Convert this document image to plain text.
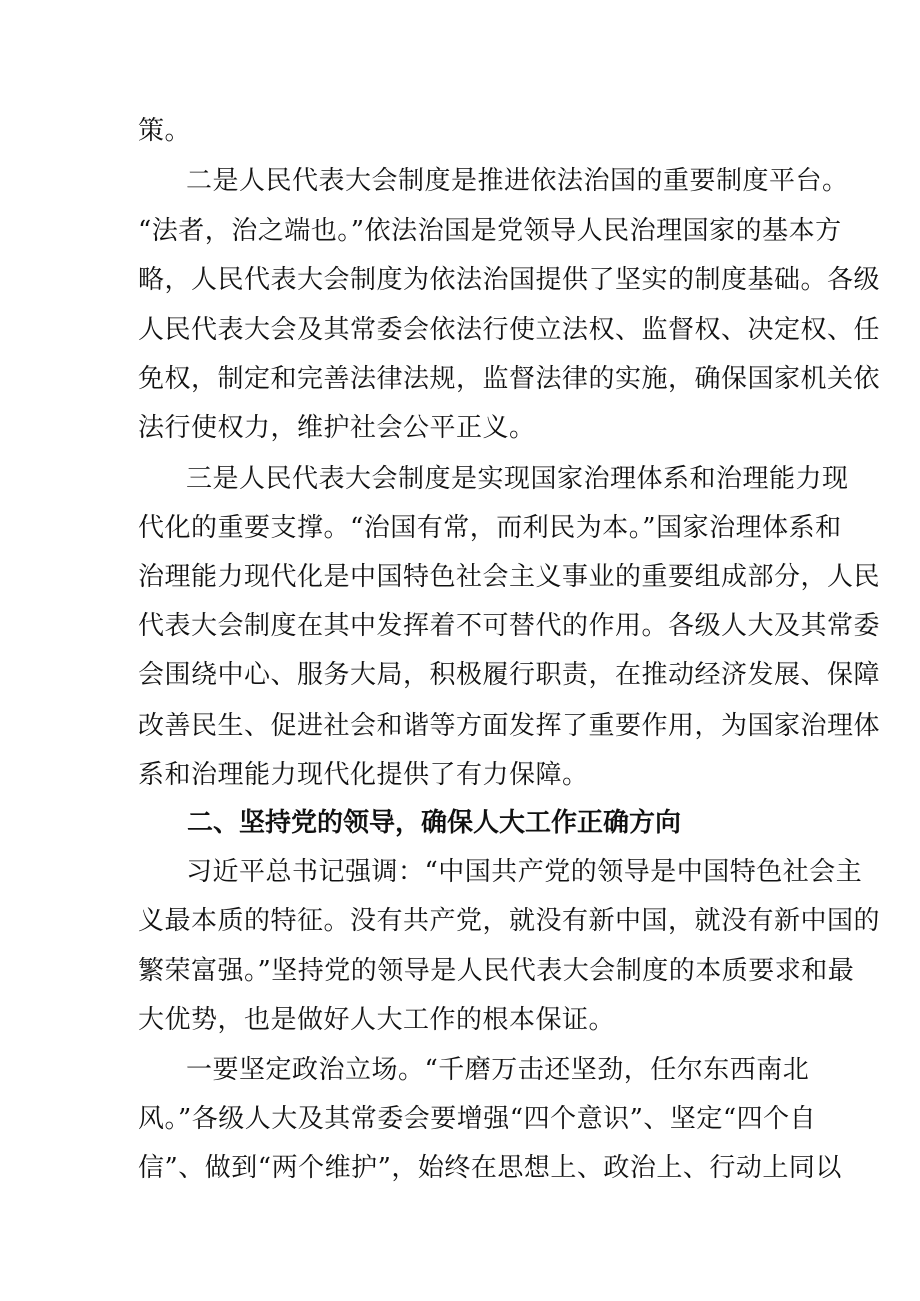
策。
二是人民代表大会制度是推进依法治国的重要制度平台。
“法者，治之端也。”依法治国是党领导人民治理国家的基本方
略，人民代表大会制度为依法治国提供了坚实的制度基础。各级
人民代表大会及其常委会依法行使立法权、监督权、决定权、任
免权，制定和完善法律法规，监督法律的实施，确保国家机关依
法行使权力，维护社会公平正义。
三是人民代表大会制度是实现国家治理体系和治理能力现
代化的重要支撑。“治国有常，而利民为本。”国家治理体系和
治理能力现代化是中国特色社会主义事业的重要组成部分，人民
代表大会制度在其中发挥着不可替代的作用。各级人大及其常委
会围绕中心、服务大局，积极履行职责，在推动经济发展、保障
改善民生、促进社会和谐等方面发挥了重要作用，为国家治理体
系和治理能力现代化提供了有力保障。
二、坚持党的领导，确保人大工作正确方向
习近平总书记强调：“中国共产党的领导是中国特色社会主
义最本质的特征。没有共产党，就没有新中国，就没有新中国的
繁荣富强。”坚持党的领导是人民代表大会制度的本质要求和最
大优势，也是做好人大工作的根本保证。
一要坚定政治立场。“千磨万击还坚劲，任尔东西南北
风。”各级人大及其常委会要增强“四个意识”、坚定“四个自
信”、做到“两个维护”，始终在思想上、政治上、行动上同以
